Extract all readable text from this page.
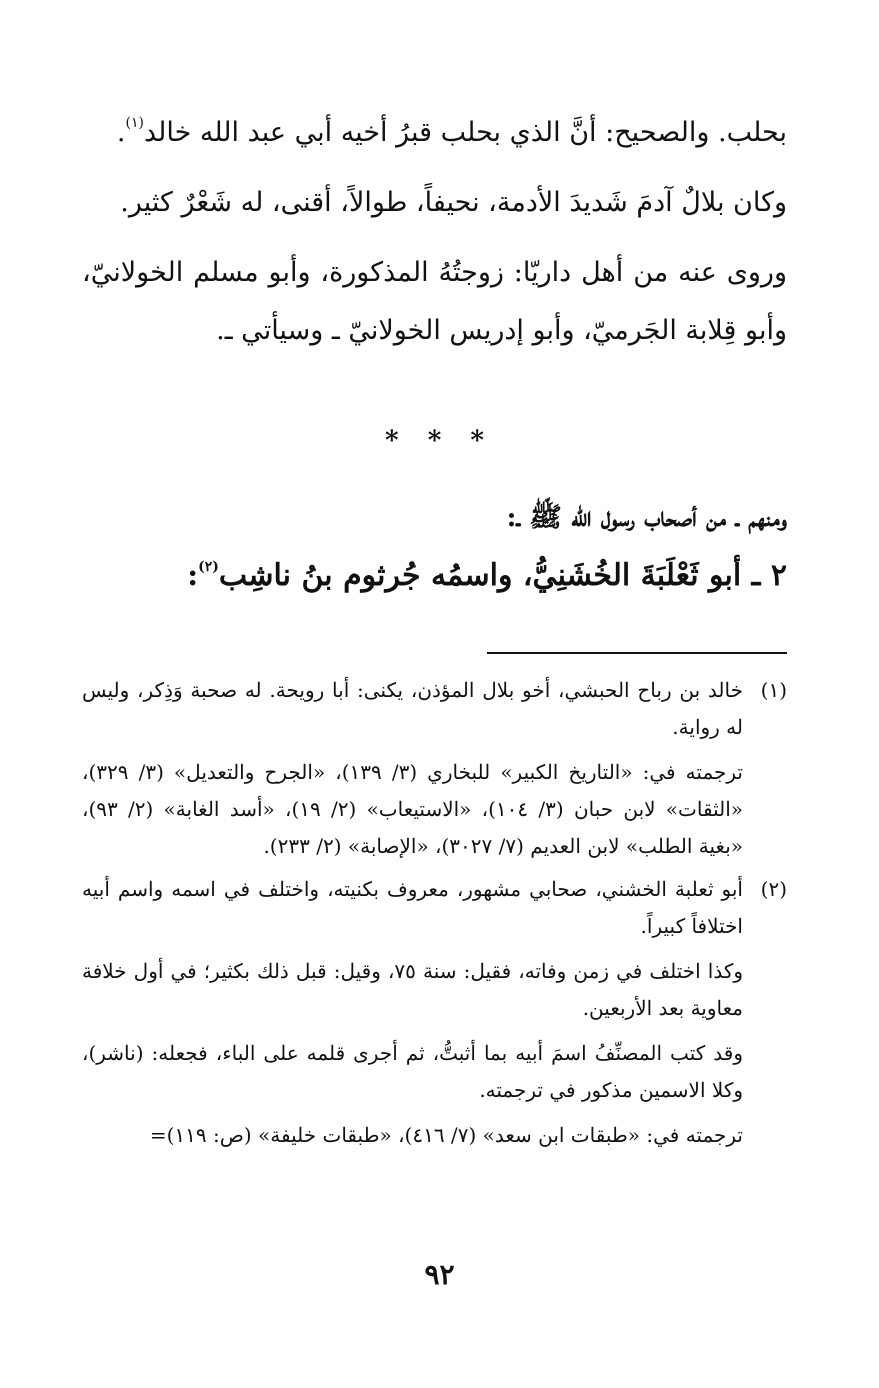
بحلب. والصحيح: أنَّ الذي بحلب قبرُ أخيه أبي عبد الله خالد$^{(١)}$.

وكان بلالٌ آدمَ شَديدَ الأدمة، نحيفاً، طوالاً، أقنى، له شَعْرٌ كثير.

وروى عنه من أهل داريّا: زوجتُهُ المذكورة، وأبو مسلم الخولانيّ، وأبو قِلابة الجَرميّ، وأبو إدريس الخولانيّ ـ وسيأتي ـ.

* * *

ومنهم ـ من أصحاب رسول الله ﷺ ـ:

٢ ـ أبو ثَعْلَبَةَ الخُشَنِيُّ، واسمُه جُرثوم بنُ ناشِب$^{(٢)}$:

(١)

خالد بن رباح الحبشي، أخو بلال المؤذن، يكنى: أبا رويحة. له صحبة وَذِكر، وليس له رواية.

ترجمته في: «التاريخ الكبير» للبخاري (٣/ ١٣٩)، «الجرح والتعديل» (٣/ ٣٢٩)، «الثقات» لابن حبان (٣/ ١٠٤)، «الاستيعاب» (٢/ ١٩)، «أسد الغابة» (٢/ ٩٣)، «بغية الطلب» لابن العديم (٧/ ٣٠٢٧)، «الإصابة» (٢/ ٢٣٣).

(٢)

أبو ثعلبة الخشني، صحابي مشهور، معروف بكنيته، واختلف في اسمه واسم أبيه اختلافاً كبيراً.

وكذا اختلف في زمن وفاته، فقيل: سنة ٧٥، وقيل: قبل ذلك بكثير؛ في أول خلافة معاوية بعد الأربعين.

وقد كتب المصنِّفُ اسمَ أبيه بما أثبتُّ، ثم أجرى قلمه على الباء، فجعله: (ناشر)، وكلا الاسمين مذكور في ترجمته.

ترجمته في: «طبقات ابن سعد» (٧/ ٤١٦)، «طبقات خليفة» (ص: ١١٩)=

٩٢
